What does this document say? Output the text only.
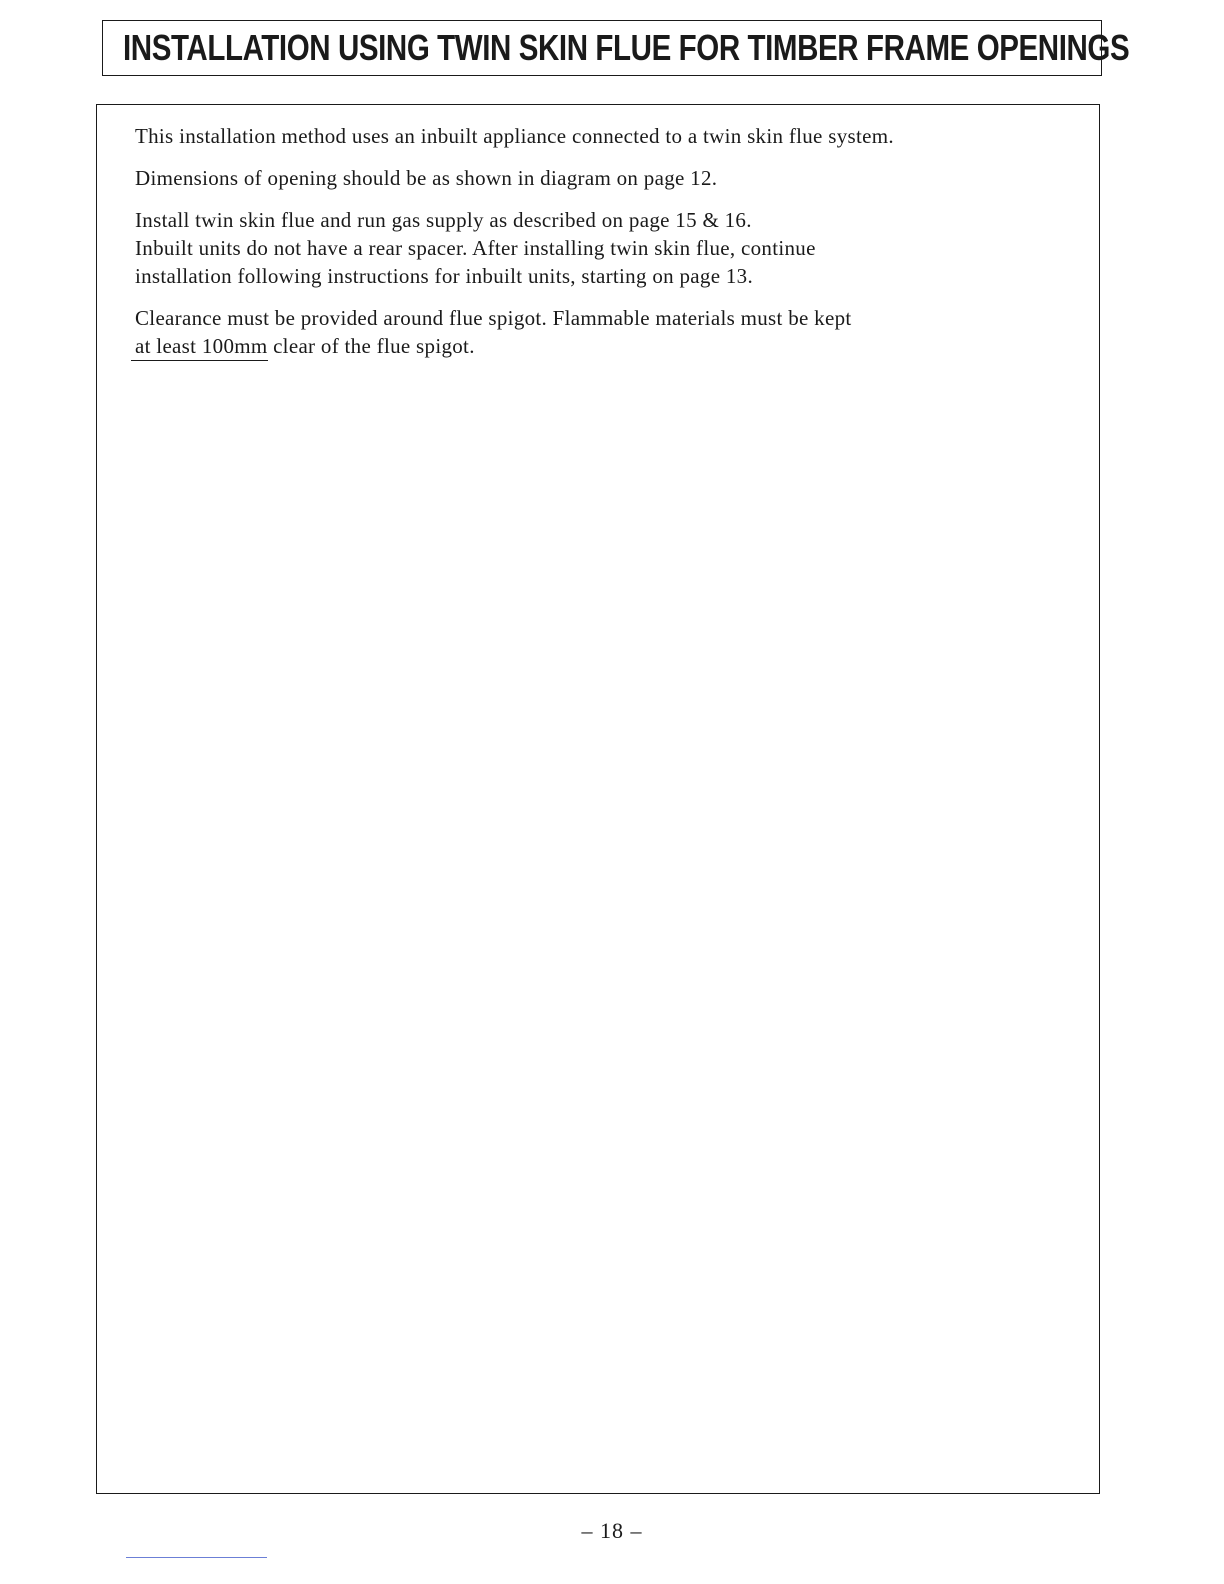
INSTALLATION USING TWIN SKIN FLUE FOR TIMBER FRAME OPENINGS

This installation method uses an inbuilt appliance connected to a twin skin flue system.

Dimensions of opening should be as shown in diagram on page 12.

Install twin skin flue and run gas supply as described on page 15 & 16.
Inbuilt units do not have a rear spacer. After installing twin skin flue, continue
installation following instructions for inbuilt units, starting on page 13.

Clearance must be provided around flue spigot. Flammable materials must be kept
at least 100mm clear of the flue spigot.

– 18 –
